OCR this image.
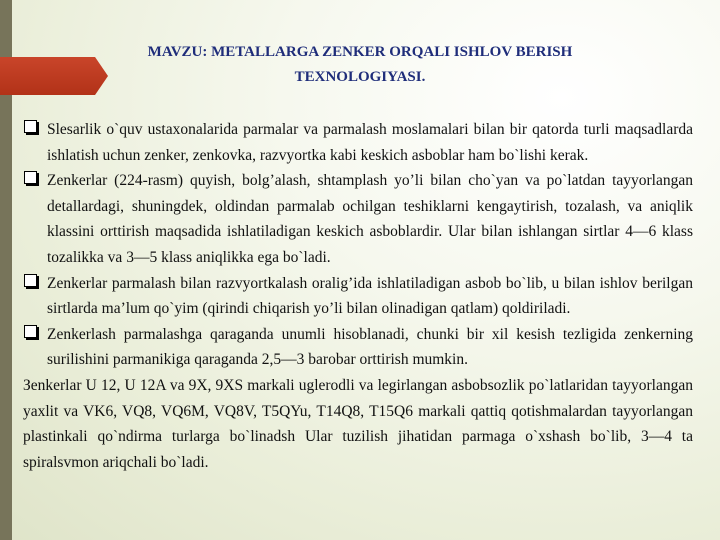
MAVZU: METALLARGA ZENKER ORQALI ISHLOV BERISH TEXNOLOGIYASI.

Slesarlik o`quv ustaxonalarida parmalar va parmalash moslamalari bilan bir qatorda turli maqsadlarda ishlatish uchun zenker, zenkovka, razvyortka kabi keskich asboblar ham bo`lishi kerak.

Zenkerlar (224-rasm) quyish, bolg’alash, shtamplash yo’li bilan cho`yan va po`latdan tayyorlangan detallardagi, shuningdek, oldindan parmalab ochilgan teshiklarni kengaytirish, tozalash, va aniqlik klassini orttirish maqsadida ishlatiladigan keskich asboblardir. Ular bilan ishlangan sirtlar 4—6 klass tozalikka va 3—5 klass aniqlikka ega bo`ladi.

Zenkerlar parmalash bilan razvyortkalash oralig’ida ishlatiladigan asbob bo`lib, u bilan ishlov berilgan sirtlarda ma’lum qo`yim (qirindi chiqarish yo’li bilan olinadigan qatlam) qoldiriladi.

Zenkerlash parmalashga qaraganda unumli hisoblanadi, chunki bir xil kesish tezligida zenkerning surilishini parmanikiga qaraganda 2,5—3 barobar orttirish mumkin.

Зenkerlar U 12, U 12A va 9X, 9XS markali uglerodli va legirlangan asbobsozlik po`latlaridan tayyorlangan yaxlit va VK6, VQ8, VQ6M, VQ8V, T5QYu, T14Q8, T15Q6 markali qattiq qotishmalardan tayyorlangan plastinkali qo`ndirma turlarga bo`linadsh Ular tuzilish jihatidan parmaga o`xshash bo`lib, 3—4 ta spiralsvmon ariqchali bo`ladi.
